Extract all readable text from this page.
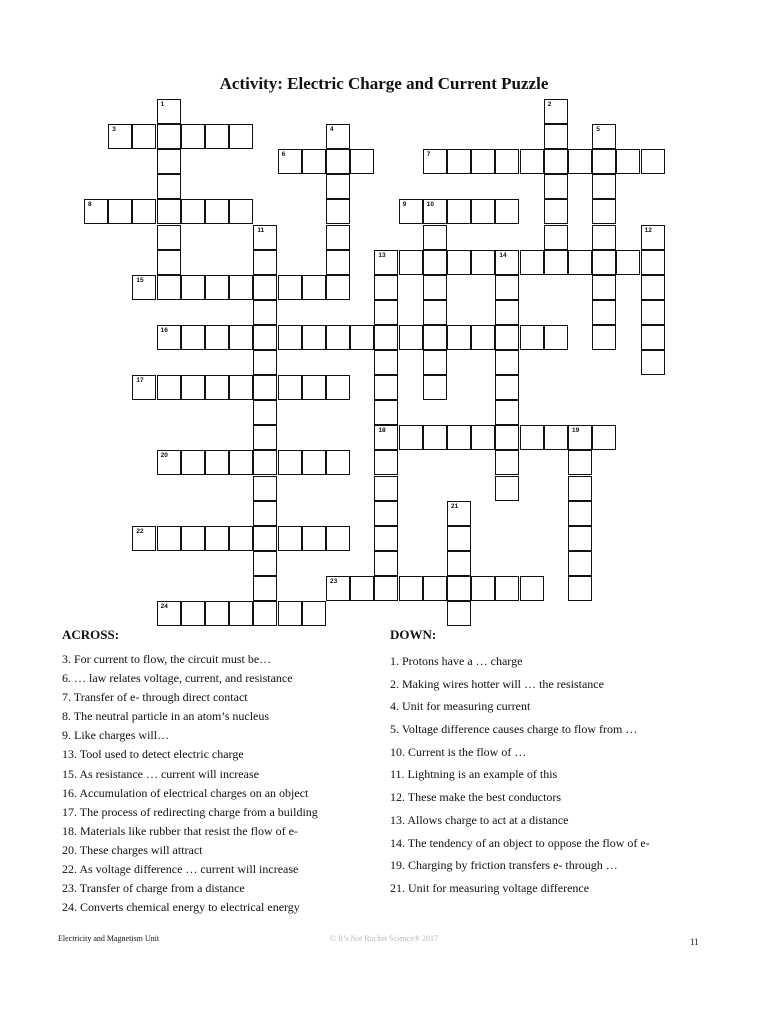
Activity: Electric Charge and Current Puzzle
1	2
3	4	5
6	7
8	9	10
11	12
13	14
18
15
16
17
19
20
21
22
23
24
ACROSS:
3. For current to flow, the circuit must be…
6. … law relates voltage, current, and resistance
7. Transfer of e- through direct contact
8. The neutral particle in an atom’s nucleus
9. Like charges will…
13. Tool used to detect electric charge
15. As resistance … current will increase
16. Accumulation of electrical charges on an object
17. The process of redirecting charge from a building
18. Materials like rubber that resist the flow of e-
20. These charges will attract
22. As voltage difference … current will increase
23. Transfer of charge from a distance
24. Converts chemical energy to electrical energy
DOWN:
1. Protons have a … charge
2. Making wires hotter will … the resistance
4. Unit for measuring current
5. Voltage difference causes charge to flow from …
10. Current is the flow of …
11. Lightning is an example of this
12. These make the best conductors
13. Allows charge to act at a distance
14. The tendency of an object to oppose the flow of e-
19. Charging by friction transfers e- through …
21. Unit for measuring voltage difference
Electricity and Magnetism Unit	© It’s Not Rocket Science® 2017	11
